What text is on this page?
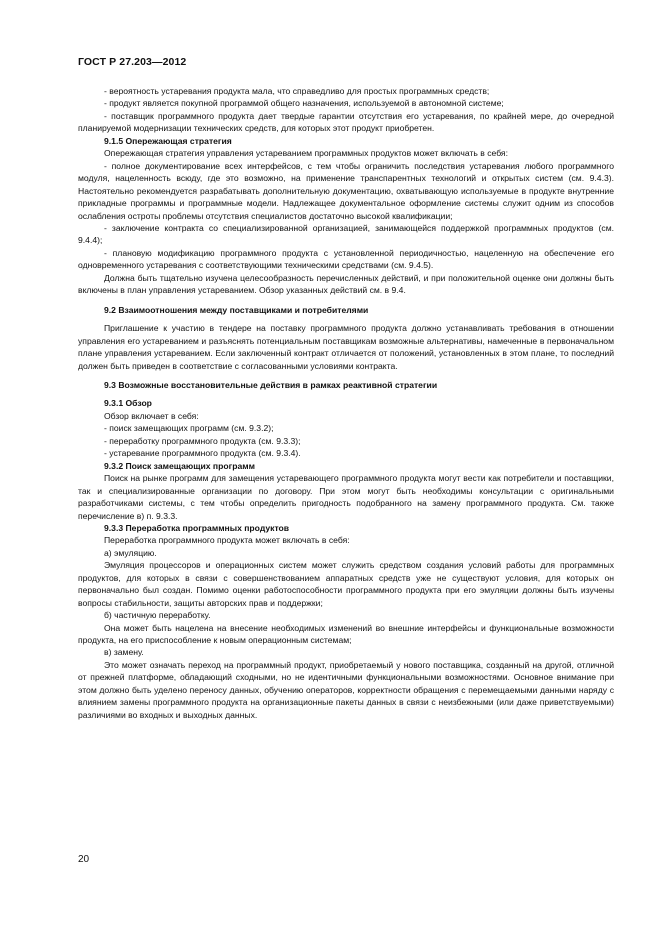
ГОСТ Р 27.203—2012

- вероятность устаревания продукта мала, что справедливо для простых программных средств;

- продукт является покупной программой общего назначения, используемой в автономной системе;

- поставщик программного продукта дает твердые гарантии отсутствия его устаревания, по крайней мере, до очередной планируемой модернизации технических средств, для которых этот продукт приобретен.

9.1.5 Опережающая стратегия

Опережающая стратегия управления устареванием программных продуктов может включать в себя:

- полное документирование всех интерфейсов, с тем чтобы ограничить последствия устаревания любого программного модуля, нацеленность всюду, где это возможно, на применение транспарентных технологий и открытых систем (см. 9.4.3). Настоятельно рекомендуется разрабатывать дополнительную документацию, охватывающую используемые в продукте внутренние прикладные программы и программные модели. Надлежащее документальное оформление системы служит одним из способов ослабления остроты проблемы отсутствия специалистов достаточно высокой квалификации;

- заключение контракта со специализированной организацией, занимающейся поддержкой программных продуктов (см. 9.4.4);

- плановую модификацию программного продукта с установленной периодичностью, нацеленную на обеспечение его одновременного устаревания с соответствующими техническими средствами (см. 9.4.5).

Должна быть тщательно изучена целесообразность перечисленных действий, и при положительной оценке они должны быть включены в план управления устареванием. Обзор указанных действий см. в 9.4.

9.2 Взаимоотношения между поставщиками и потребителями

Приглашение к участию в тендере на поставку программного продукта должно устанавливать требования в отношении управления его устареванием и разъяснять потенциальным поставщикам возможные альтернативы, намеченные в первоначальном плане управления устареванием. Если заключенный контракт отличается от положений, установленных в этом плане, то последний должен быть приведен в соответствие с согласованными условиями контракта.

9.3 Возможные восстановительные действия в рамках реактивной стратегии
9.3.1 Обзор

Обзор включает в себя:

- поиск замещающих программ (см. 9.3.2);

- переработку программного продукта (см. 9.3.3);

- устаревание программного продукта (см. 9.3.4).

9.3.2 Поиск замещающих программ

Поиск на рынке программ для замещения устаревающего программного продукта могут вести как потребители и поставщики, так и специализированные организации по договору. При этом могут быть необходимы консультации с оригинальными разработчиками системы, с тем чтобы определить пригодность подобранного на замену программного продукта. См. также перечисление в) п. 9.3.3.

9.3.3 Переработка программных продуктов

Переработка программного продукта может включать в себя:

а) эмуляцию.

Эмуляция процессоров и операционных систем может служить средством создания условий работы для программных продуктов, для которых в связи с совершенствованием аппаратных средств уже не существуют условия, для которых он первоначально был создан. Помимо оценки работоспособности программного продукта при его эмуляции должны быть изучены вопросы стабильности, защиты авторских прав и поддержки;

б) частичную переработку.

Она может быть нацелена на внесение необходимых изменений во внешние интерфейсы и функциональные возможности продукта, на его приспособление к новым операционным системам;

в) замену.

Это может означать переход на программный продукт, приобретаемый у нового поставщика, созданный на другой, отличной от прежней платформе, обладающий сходными, но не идентичными функциональными возможностями. Основное внимание при этом должно быть уделено переносу данных, обучению операторов, корректности обращения с перемещаемыми данными наряду с влиянием замены программного продукта на организационные пакеты данных в связи с неизбежными (или даже приветствуемыми) различиями во входных и выходных данных.

20
